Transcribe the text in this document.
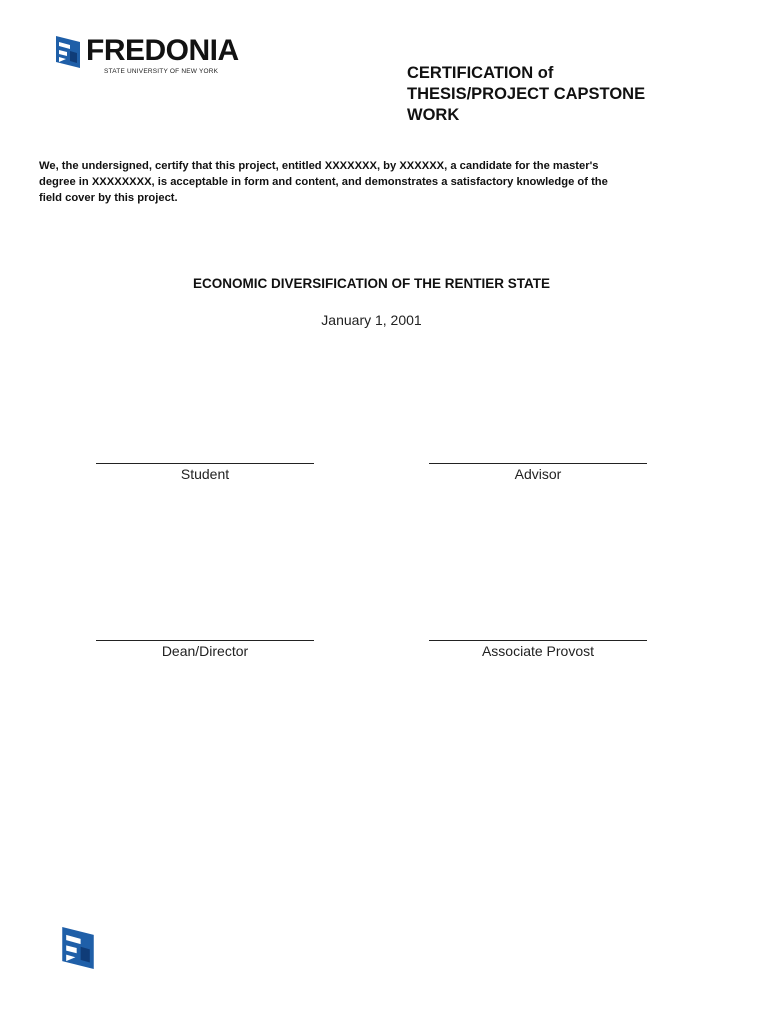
FREDONIA
STATE UNIVERSITY OF NEW YORK	CERTIFICATION of
THESIS/PROJECT CAPSTONE
WORK
We, the undersigned, certify that this project, entitled XXXXXXX, by XXXXXX, a candidate for the master's
degree in XXXXXXXX, is acceptable in form and content, and demonstrates a satisfactory knowledge of the
field cover by this project.
ECONOMIC DIVERSIFICATION OF THE RENTIER STATE
January 1, 2001
Student	Advisor
Dean/Director	Associate Provost
